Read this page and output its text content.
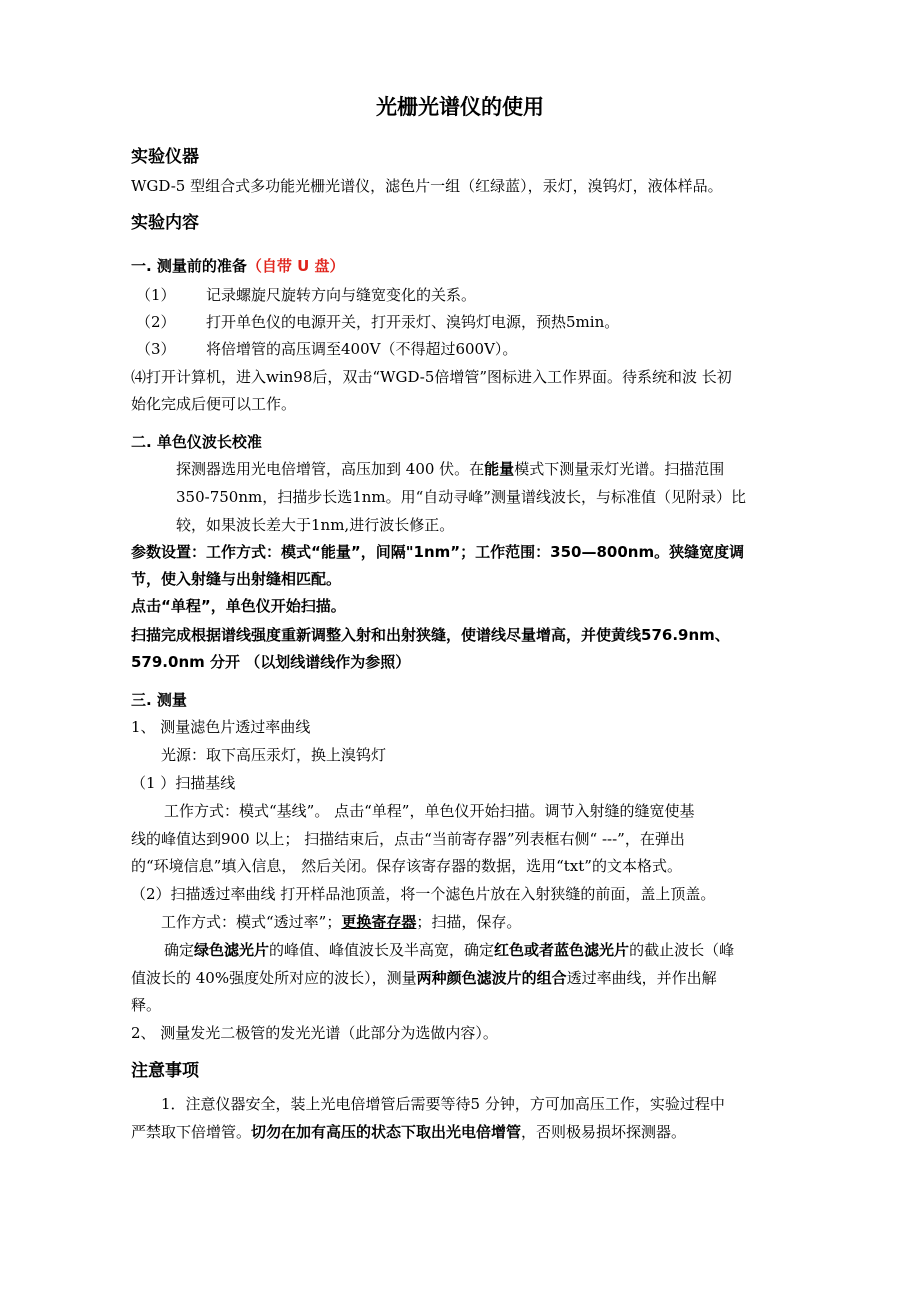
光栅光谱仪的使用
实验仪器
WGD-5 型组合式多功能光栅光谱仪，滤色片一组（红绿蓝），汞灯，溴钨灯，液体样品。
实验内容
一. 测量前的准备（自带 U 盘）
（1） 记录螺旋尺旋转方向与缝宽变化的关系。
（2） 打开单色仪的电源开关，打开汞灯、溴钨灯电源，预热5min。
（3） 将倍增管的高压调至400V（不得超过600V）。
⑷打开计算机，进入win98后，双击“WGD-5倍增管”图标进入工作界面。待系统和波 长初
始化完成后便可以工作。
二. 单色仪波长校准
探测器选用光电倍增管，高压加到 400 伏。在能量模式下测量汞灯光谱。扫描范围
350-750nm，扫描步长选1nm。用“自动寻峰”测量谱线波长，与标准值（见附录）比
较，如果波长差大于1nm,进行波长修正。
参数设置：工作方式：模式“能量”，间隔"1nm”；工作范围：350—800nm。狭缝宽度调
节，使入射缝与出射缝相匹配。
点击“单程”，单色仪开始扫描。
扫描完成根据谱线强度重新调整入射和出射狭缝，使谱线尽量增高，并使黄线576.9nm、
579.0nm 分开 （以划线谱线作为参照）
三. 测量
1、 测量滤色片透过率曲线
光源：取下高压汞灯，换上溴钨灯
（1 ）扫描基线
工作方式：模式“基线”。 点击“单程”，单色仪开始扫描。调节入射缝的缝宽使基
线的峰值达到900 以上； 扫描结束后，点击“当前寄存器”列表框右侧“ ---”，在弹出
的“环境信息”填入信息， 然后关闭。保存该寄存器的数据，选用“txt”的文本格式。
（2）扫描透过率曲线 打开样品池顶盖，将一个滤色片放在入射狭缝的前面，盖上顶盖。
工作方式：模式“透过率”；更换寄存器；扫描，保存。
确定绿色滤光片的峰值、峰值波长及半高宽，确定红色或者蓝色滤光片的截止波长（峰
值波长的 40%强度处所对应的波长），测量两种颜色滤波片的组合透过率曲线，并作出解
释。
2、 测量发光二极管的发光光谱（此部分为选做内容）。
注意事项
1．注意仪器安全，装上光电倍增管后需要等待5 分钟，方可加高压工作，实验过程中
严禁取下倍增管。切勿在加有高压的状态下取出光电倍增管，否则极易损坏探测器。
